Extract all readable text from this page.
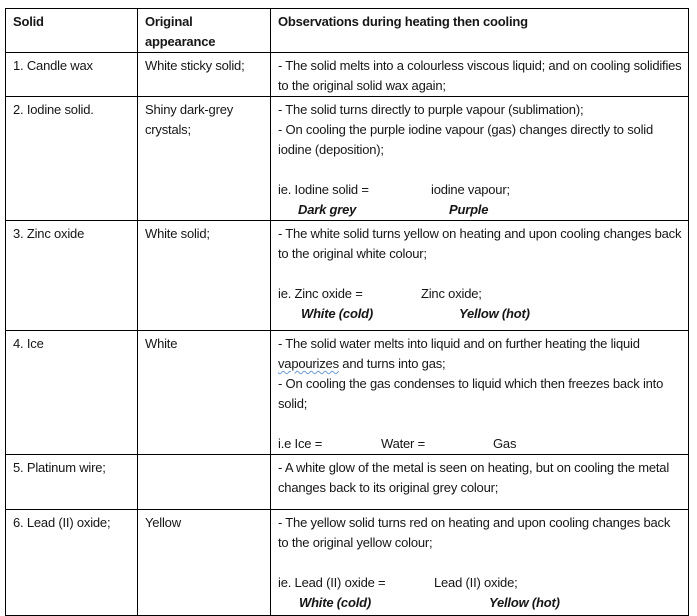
Solid	Original appearance	Observations during heating then cooling
1. Candle wax	White sticky solid;	- The solid melts into a colourless viscous liquid; and on cooling solidifies to the original solid wax again;

2. Iodine solid.	Shiny dark-grey crystals;	- The solid turns directly to purple vapour (sublimation);
- On cooling the purple iodine vapour (gas) changes directly to solid iodine (deposition);
ie. Iodine solid = iodine vapour;
Dark grey Purple

3. Zinc oxide	White solid;	- The white solid turns yellow on heating and upon cooling changes back to the original white colour;
ie. Zinc oxide = Zinc oxide;
White (cold) Yellow (hot)

4. Ice	White	- The solid water melts into liquid and on further heating the liquid vapourizes and turns into gas;
- On cooling the gas condenses to liquid which then freezes back into solid;
i.e Ice = Water = Gas

5. Platinum wire;		- A white glow of the metal is seen on heating, but on cooling the metal changes back to its original grey colour;

6. Lead (II) oxide;	Yellow	- The yellow solid turns red on heating and upon cooling changes back to the original yellow colour;
ie. Lead (II) oxide = Lead (II) oxide;
White (cold) Yellow (hot)
